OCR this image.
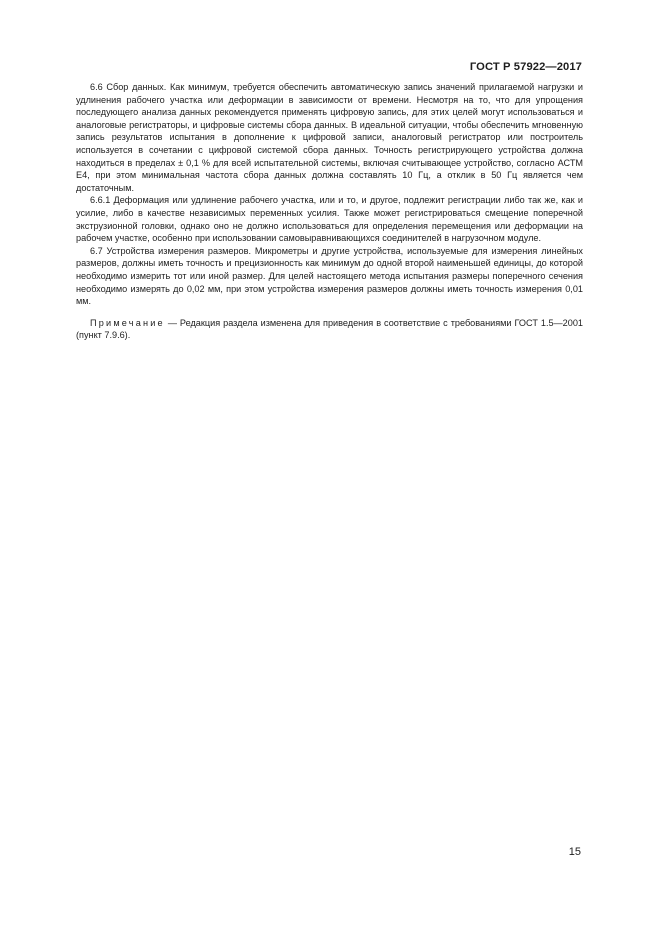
ГОСТ Р 57922—2017

6.6 Сбор данных. Как минимум, требуется обеспечить автоматическую запись значений прилагаемой нагрузки и удлинения рабочего участка или деформации в зависимости от времени. Несмотря на то, что для упрощения последующего анализа данных рекомендуется применять цифровую запись, для этих целей могут использоваться и аналоговые регистраторы, и цифровые системы сбора данных. В идеальной ситуации, чтобы обеспечить мгновенную запись результатов испытания в дополнение к цифровой записи, аналоговый регистратор или построитель используется в сочетании с цифровой системой сбора данных. Точность регистрирующего устройства должна находиться в пределах ± 0,1 % для всей испытательной системы, включая считывающее устройство, согласно АСТМ Е4, при этом минимальная частота сбора данных должна составлять 10 Гц, а отклик в 50 Гц является чем достаточным.

6.6.1 Деформация или удлинение рабочего участка, или и то, и другое, подлежит регистрации либо так же, как и усилие, либо в качестве независимых переменных усилия. Также может регистрироваться смещение поперечной экструзионной головки, однако оно не должно использоваться для определения перемещения или деформации на рабочем участке, особенно при использовании самовыравнивающихся соединителей в нагрузочном модуле.

6.7 Устройства измерения размеров. Микрометры и другие устройства, используемые для измерения линейных размеров, должны иметь точность и прецизионность как минимум до одной второй наименьшей единицы, до которой необходимо измерить тот или иной размер. Для целей настоящего метода испытания размеры поперечного сечения необходимо измерять до 0,02 мм, при этом устройства измерения размеров должны иметь точность измерения 0,01 мм.

Примечание — Редакция раздела изменена для приведения в соответствие с требованиями ГОСТ 1.5—2001 (пункт 7.9.6).

15
